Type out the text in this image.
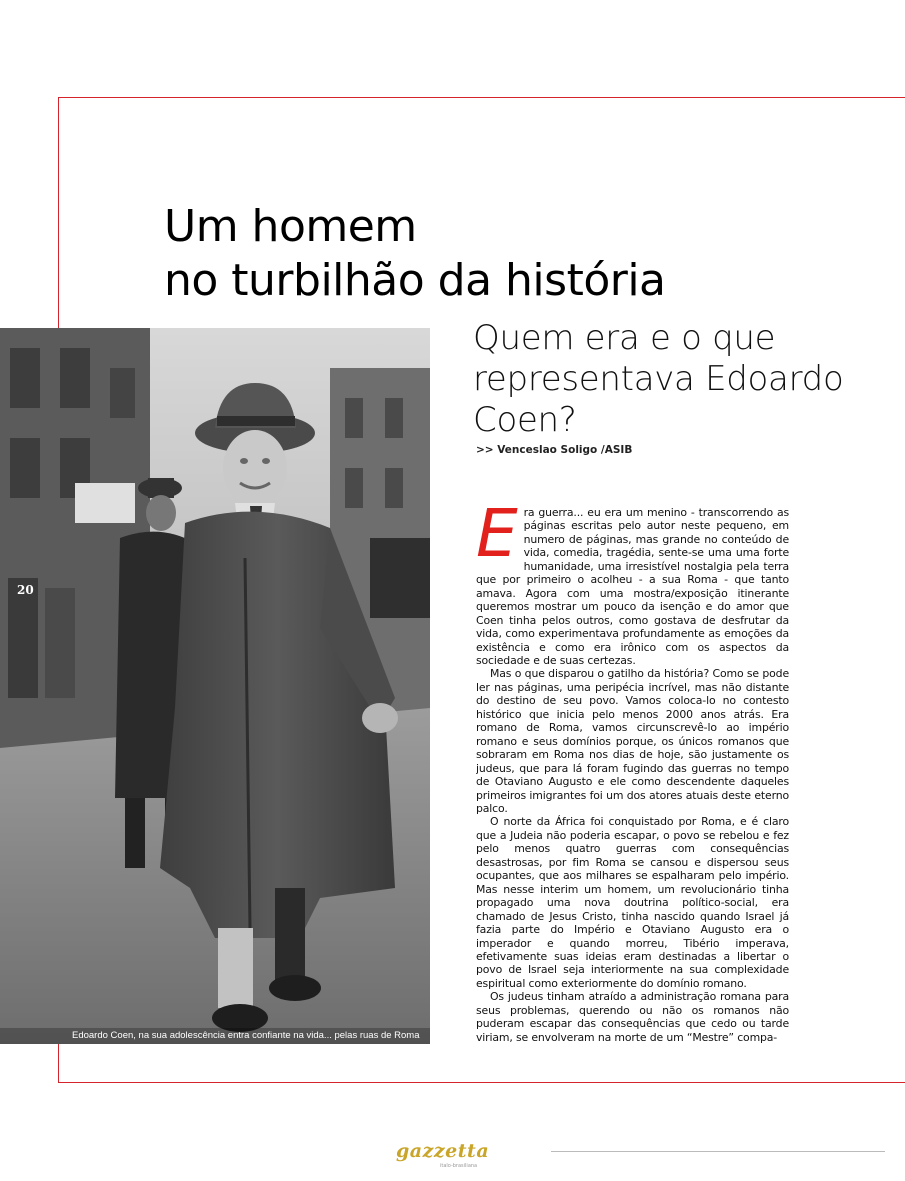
Um homem
no turbilhão da história
Quem era e o que representava Edoardo Coen?
>> Venceslao Soligo /ASIB
Edoardo Coen, na sua adolescência entra confiante na vida... pelas ruas de Roma
20

Era guerra... eu era um menino - transcorrendo as páginas escritas pelo autor neste pequeno, em numero de páginas, mas grande no conteúdo de vida, comedia, tragédia, sente-se uma uma forte humanidade, uma irresistível nostalgia pela terra que por primeiro o acolheu - a sua Roma - que tanto amava. Agora com uma mostra/exposição itinerante queremos mostrar um pouco da isenção e do amor que Coen tinha pelos outros, como gostava de desfrutar da vida, como experimentava profundamente as emoções da existência e como era irônico com os aspectos da sociedade e de suas certezas.

Mas o que disparou o gatilho da história? Como se pode ler nas páginas, uma peripécia incrível, mas não distante do destino de seu povo. Vamos coloca-lo no contesto histórico que inicia pelo menos 2000 anos atrás. Era romano de Roma, vamos circunscrevê-lo ao império romano e seus domínios porque, os únicos romanos que sobraram em Roma nos dias de hoje, são justamente os judeus, que para lá foram fugindo das guerras no tempo de Otaviano Augusto e ele como descendente daqueles primeiros imigrantes foi um dos atores atuais deste eterno palco.

O norte da África foi conquistado por Roma, e é claro que a Judeia não poderia escapar, o povo se rebelou e fez pelo menos quatro guerras com consequências desastrosas, por fim Roma se cansou e dispersou seus ocupantes, que aos milhares se espalharam pelo império. Mas nesse interim um homem, um revolucionário tinha propagado uma nova doutrina político-social, era chamado de Jesus Cristo, tinha nascido quando Israel já fazia parte do Império e Otaviano Augusto era o imperador e quando morreu, Tibério imperava, efetivamente suas ideias eram destinadas a libertar o povo de Israel seja interiormente na sua complexidade espiritual como exteriormente do domínio romano.

Os judeus tinham atraído a administração romana para seus problemas, querendo ou não os romanos não puderam escapar das consequências que cedo ou tarde viriam, se envolveram na morte de um “Mestre” compa-

gazzetta
italo-brasiliana
